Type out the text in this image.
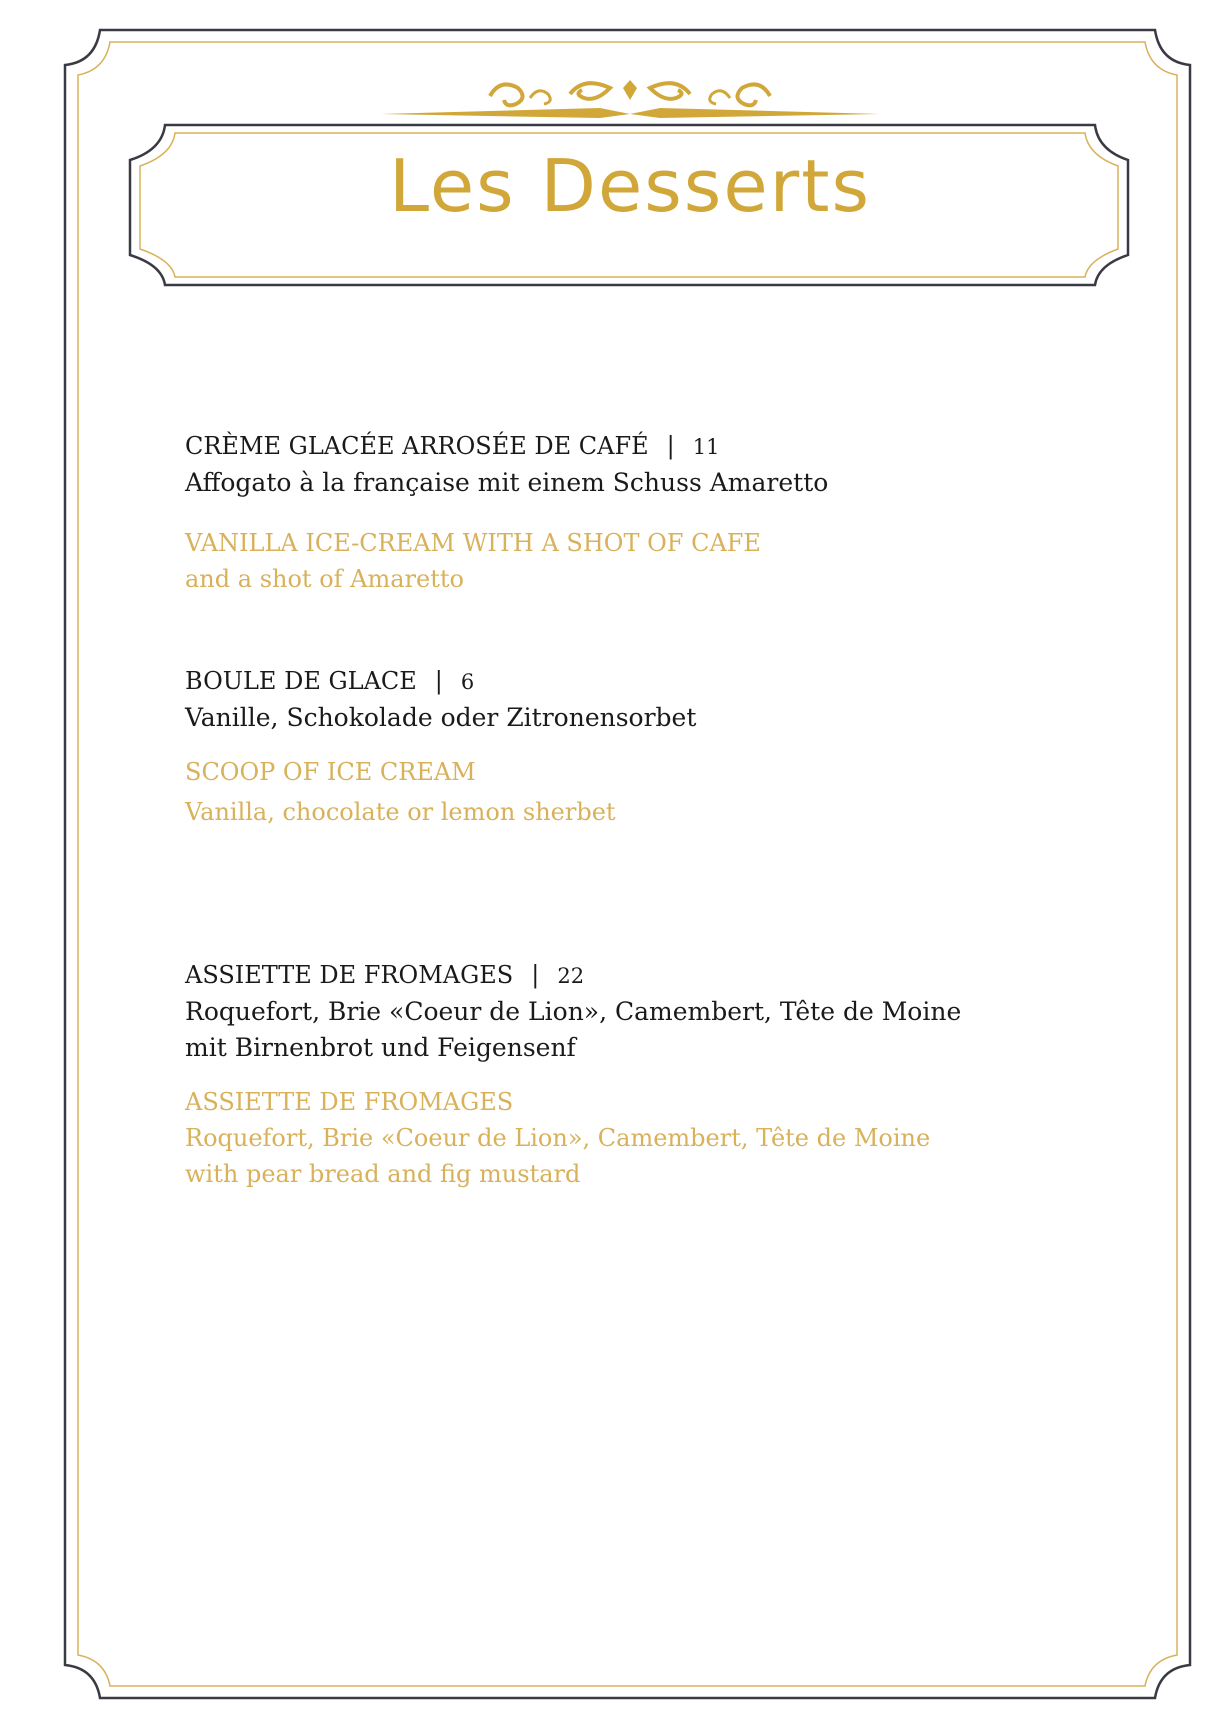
Les Desserts
CRÈME GLACÉE ARROSÉE DE CAFÉ | 11
Affogato à la française mit einem Schuss Amaretto
VANILLA ICE-CREAM WITH A SHOT OF CAFE
and a shot of Amaretto
BOULE DE GLACE | 6
Vanille, Schokolade oder Zitronensorbet
SCOOP OF ICE CREAM
Vanilla, chocolate or lemon sherbet
ASSIETTE DE FROMAGES | 22
Roquefort, Brie «Coeur de Lion», Camembert, Tête de Moine
mit Birnenbrot und Feigensenf
ASSIETTE DE FROMAGES
Roquefort, Brie «Coeur de Lion», Camembert, Tête de Moine
with pear bread and fig mustard
